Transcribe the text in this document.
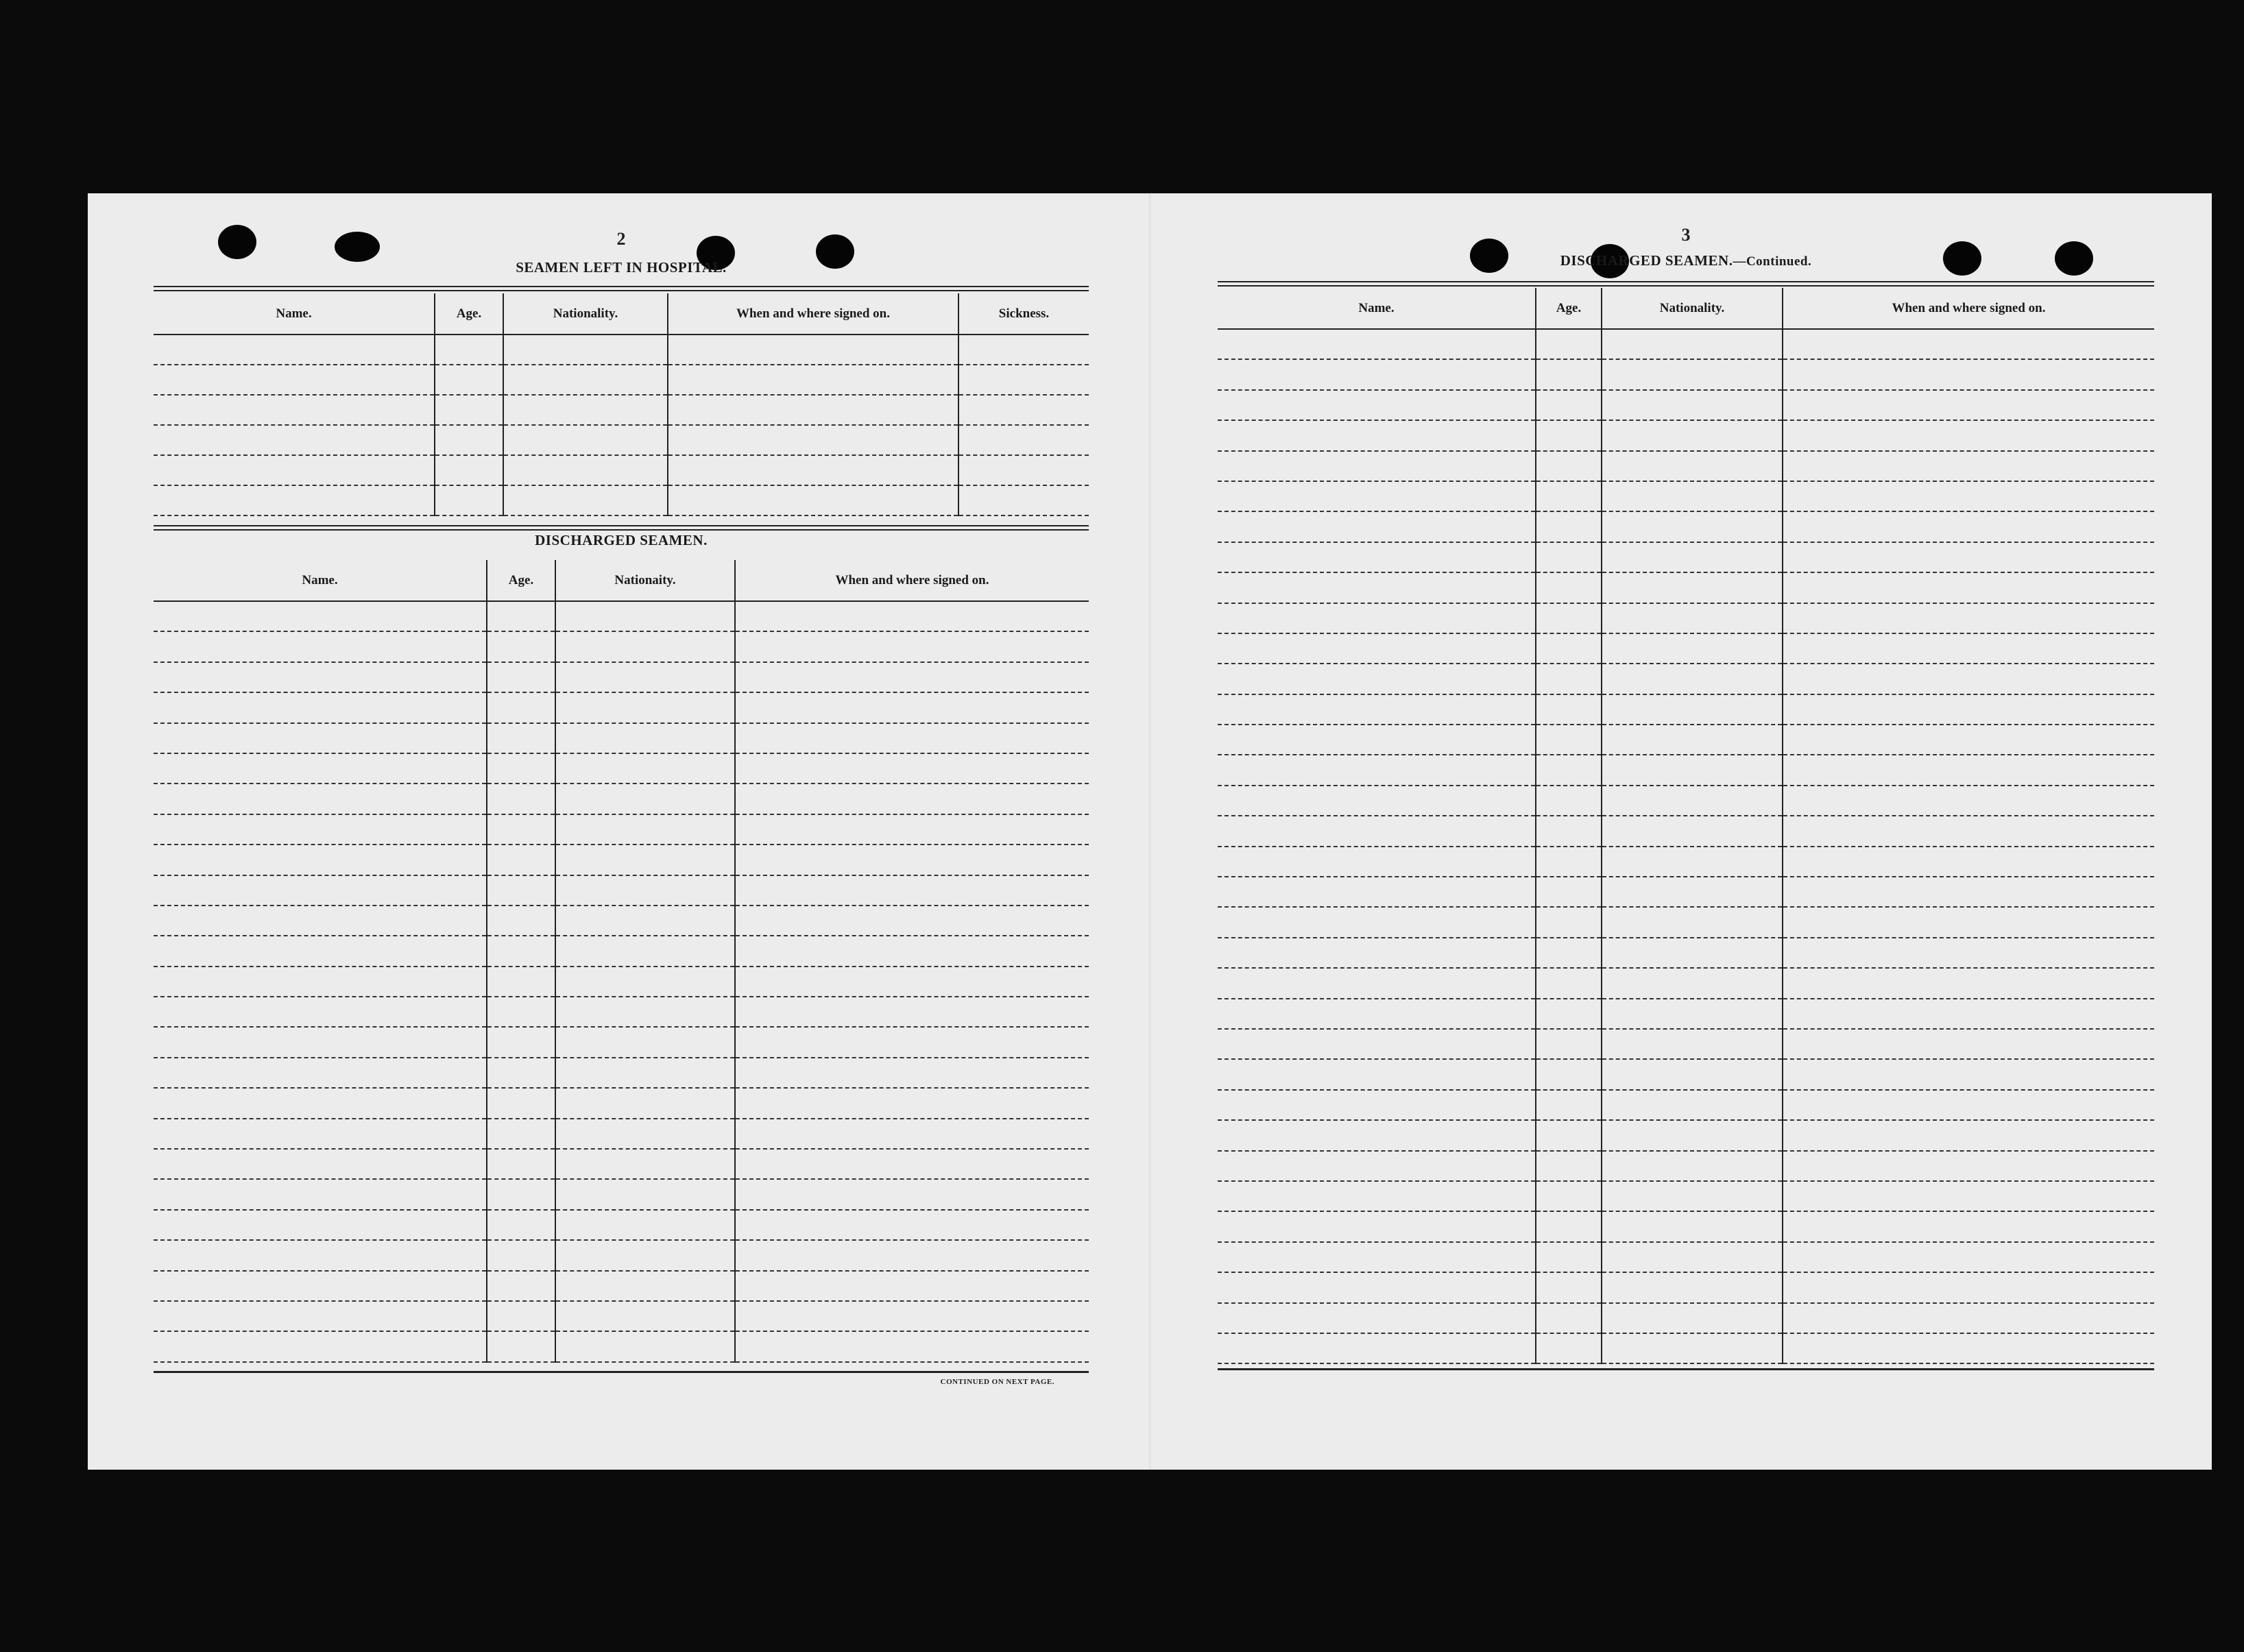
2
SEAMEN LEFT IN HOSPITAL.
Name.	Age.	Nationality.	When and where signed on.	Sickness.

DISCHARGED SEAMEN.
Name.	Age.	Nationaity.	When and where signed on.

CONTINUED ON NEXT PAGE.
3
DISCHARGED SEAMEN.—Continued.
Name.	Age.	Nationality.	When and where signed on.
